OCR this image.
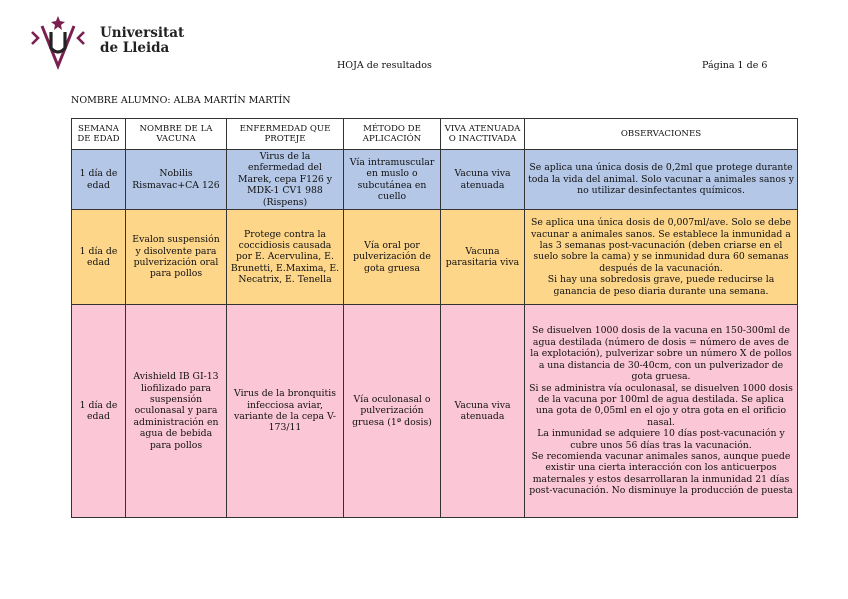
Universitat
de Lleida
HOJA de resultados	Página 1 de 6
NOMBRE ALUMNO: ALBA MARTÍN MARTÍN
SEMANA DE EDAD	NOMBRE DE LA VACUNA	ENFERMEDAD QUE PROTEJE	MÉTODO DE APLICACIÓN	VIVA ATENUADA O INACTIVADA	OBSERVACIONES
1 día de edad	Nobilis Rismavac+CA 126	Virus de la enfermedad del Marek, cepa F126 y MDK-1 CV1 988 (Rispens)	Vía intramuscular en muslo o subcutánea en cuello	Vacuna viva atenuada	Se aplica una única dosis de 0,2ml que protege durante toda la vida del animal. Solo vacunar a animales sanos y no utilizar desinfectantes químicos.
1 día de edad	Evalon suspensión y disolvente para pulverización oral para pollos	Protege contra la coccidiosis causada por E. Acervulina, E. Brunetti, E.Maxima, E. Necatrix, E. Tenella	Vía oral por pulverización de gota gruesa	Vacuna parasitaria viva	Se aplica una única dosis de 0,007ml/ave. Solo se debe vacunar a animales sanos. Se establece la inmunidad a las 3 semanas post-vacunación (deben criarse en el suelo sobre la cama) y se inmunidad dura 60 semanas después de la vacunación.
Si hay una sobredosis grave, puede reducirse la ganancia de peso diaria durante una semana.
1 día de edad	Avishield IB GI-13 liofilizado para suspensión oculonasal y para administración en agua de bebida para pollos	Virus de la bronquitis infecciosa aviar, variante de la cepa V-173/11	Vía oculonasal o pulverización gruesa (1ª dosis)	Vacuna viva atenuada	Se disuelven 1000 dosis de la vacuna en 150-300ml de agua destilada (número de dosis = número de aves de la explotación), pulverizar sobre un número X de pollos a una distancia de 30-40cm, con un pulverizador de gota gruesa.
Si se administra vía oculonasal, se disuelven 1000 dosis de la vacuna por 100ml de agua destilada. Se aplica una gota de 0,05ml en el ojo y otra gota en el orificio nasal.
La inmunidad se adquiere 10 días post-vacunación y cubre unos 56 días tras la vacunación.
Se recomienda vacunar animales sanos, aunque puede existir una cierta interacción con los anticuerpos maternales y estos desarrollaran la inmunidad 21 días post-vacunación. No disminuye la producción de puesta
